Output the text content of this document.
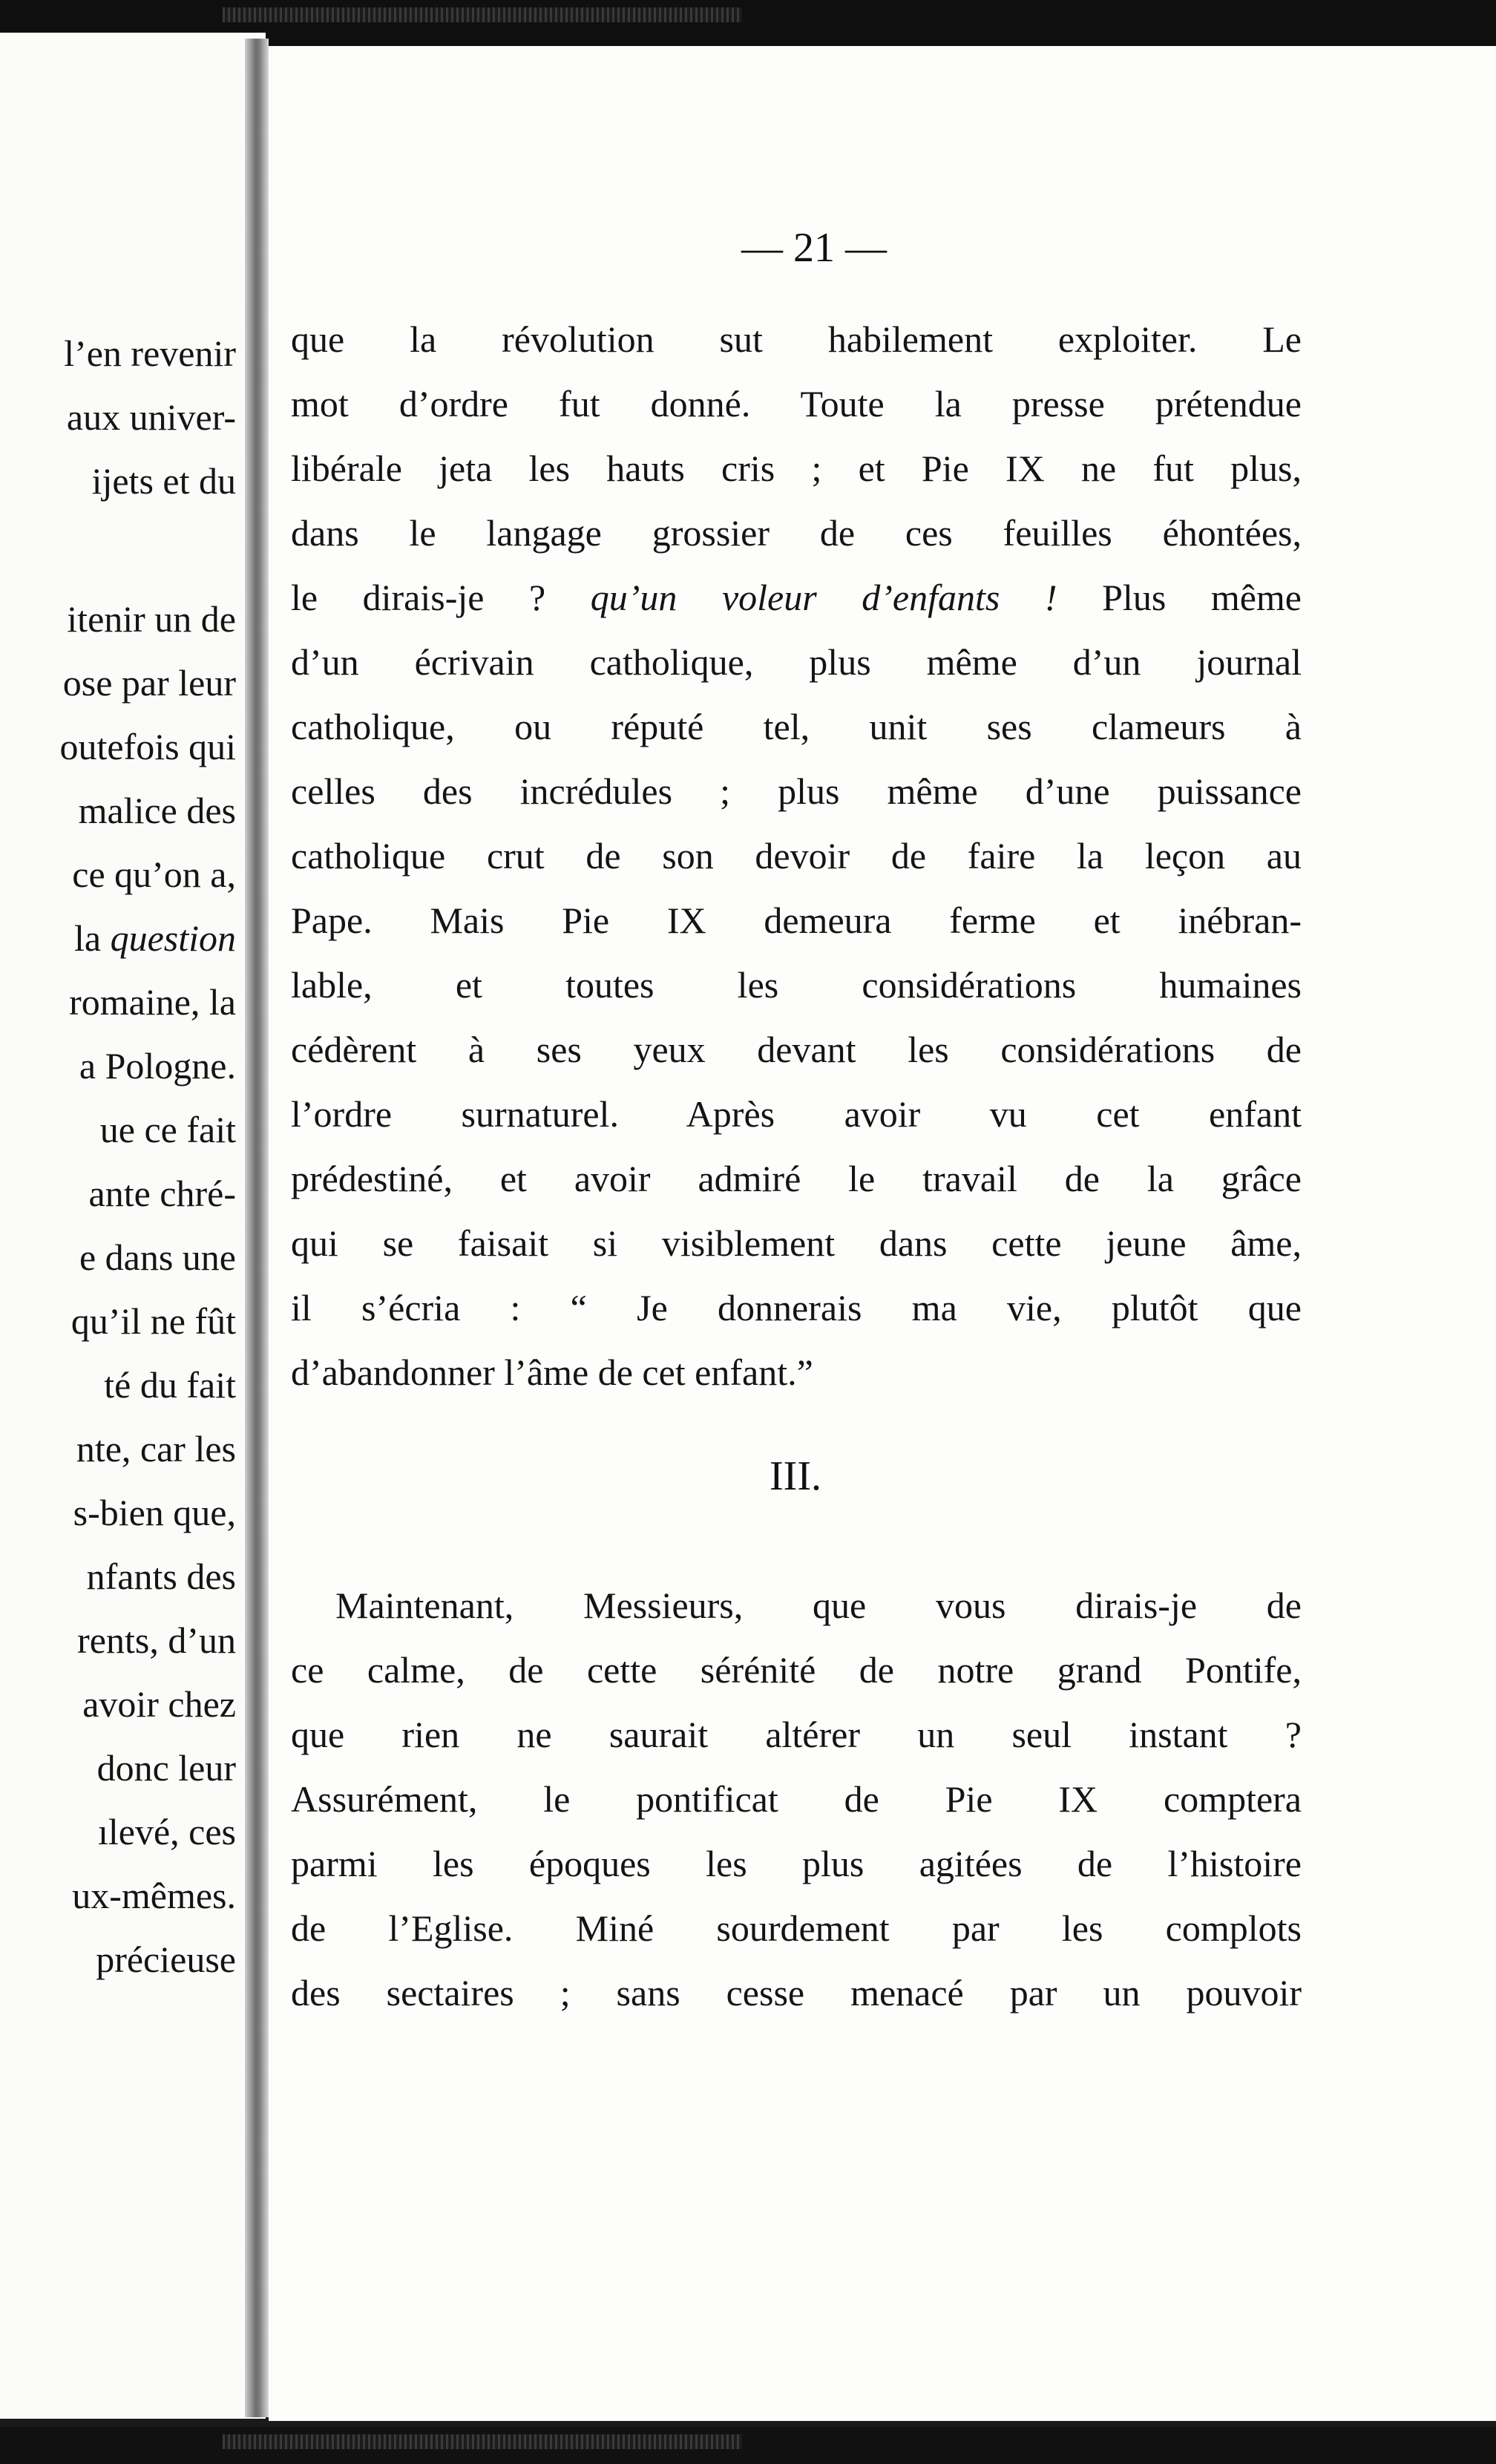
l’en revenir
aux univer-
ijets et du
itenir un de
ose par leur
outefois qui
malice des
ce qu’on a,
la question
romaine, la
a Pologne.
ue ce fait
ante chré-
e dans une
qu’il ne fût
té du fait
nte, car les
s-bien que,
nfants des
rents, d’un
avoir chez
donc leur
ılevé, ces
ux-mêmes.
précieuse
— 21 —
que la révolution sut habilement exploiter. Le
mot d’ordre fut donné. Toute la presse prétendue
libérale jeta les hauts cris ; et Pie IX ne fut plus,
dans le langage grossier de ces feuilles éhontées,
le dirais-je ? qu’un voleur d’enfants ! Plus même
d’un écrivain catholique, plus même d’un journal
catholique, ou réputé tel, unit ses clameurs à
celles des incrédules ; plus même d’une puissance
catholique crut de son devoir de faire la leçon au
Pape. Mais Pie IX demeura ferme et inébran-
lable, et toutes les considérations humaines
cédèrent à ses yeux devant les considérations de
l’ordre surnaturel. Après avoir vu cet enfant
prédestiné, et avoir admiré le travail de la grâce
qui se faisait si visiblement dans cette jeune âme,
il s’écria : “ Je donnerais ma vie, plutôt que
d’abandonner l’âme de cet enfant.”
III.
Maintenant, Messieurs, que vous dirais-je de
ce calme, de cette sérénité de notre grand Pontife,
que rien ne saurait altérer un seul instant ?
Assurément, le pontificat de Pie IX comptera
parmi les époques les plus agitées de l’histoire
de l’Eglise. Miné sourdement par les complots
des sectaires ; sans cesse menacé par un pouvoir
